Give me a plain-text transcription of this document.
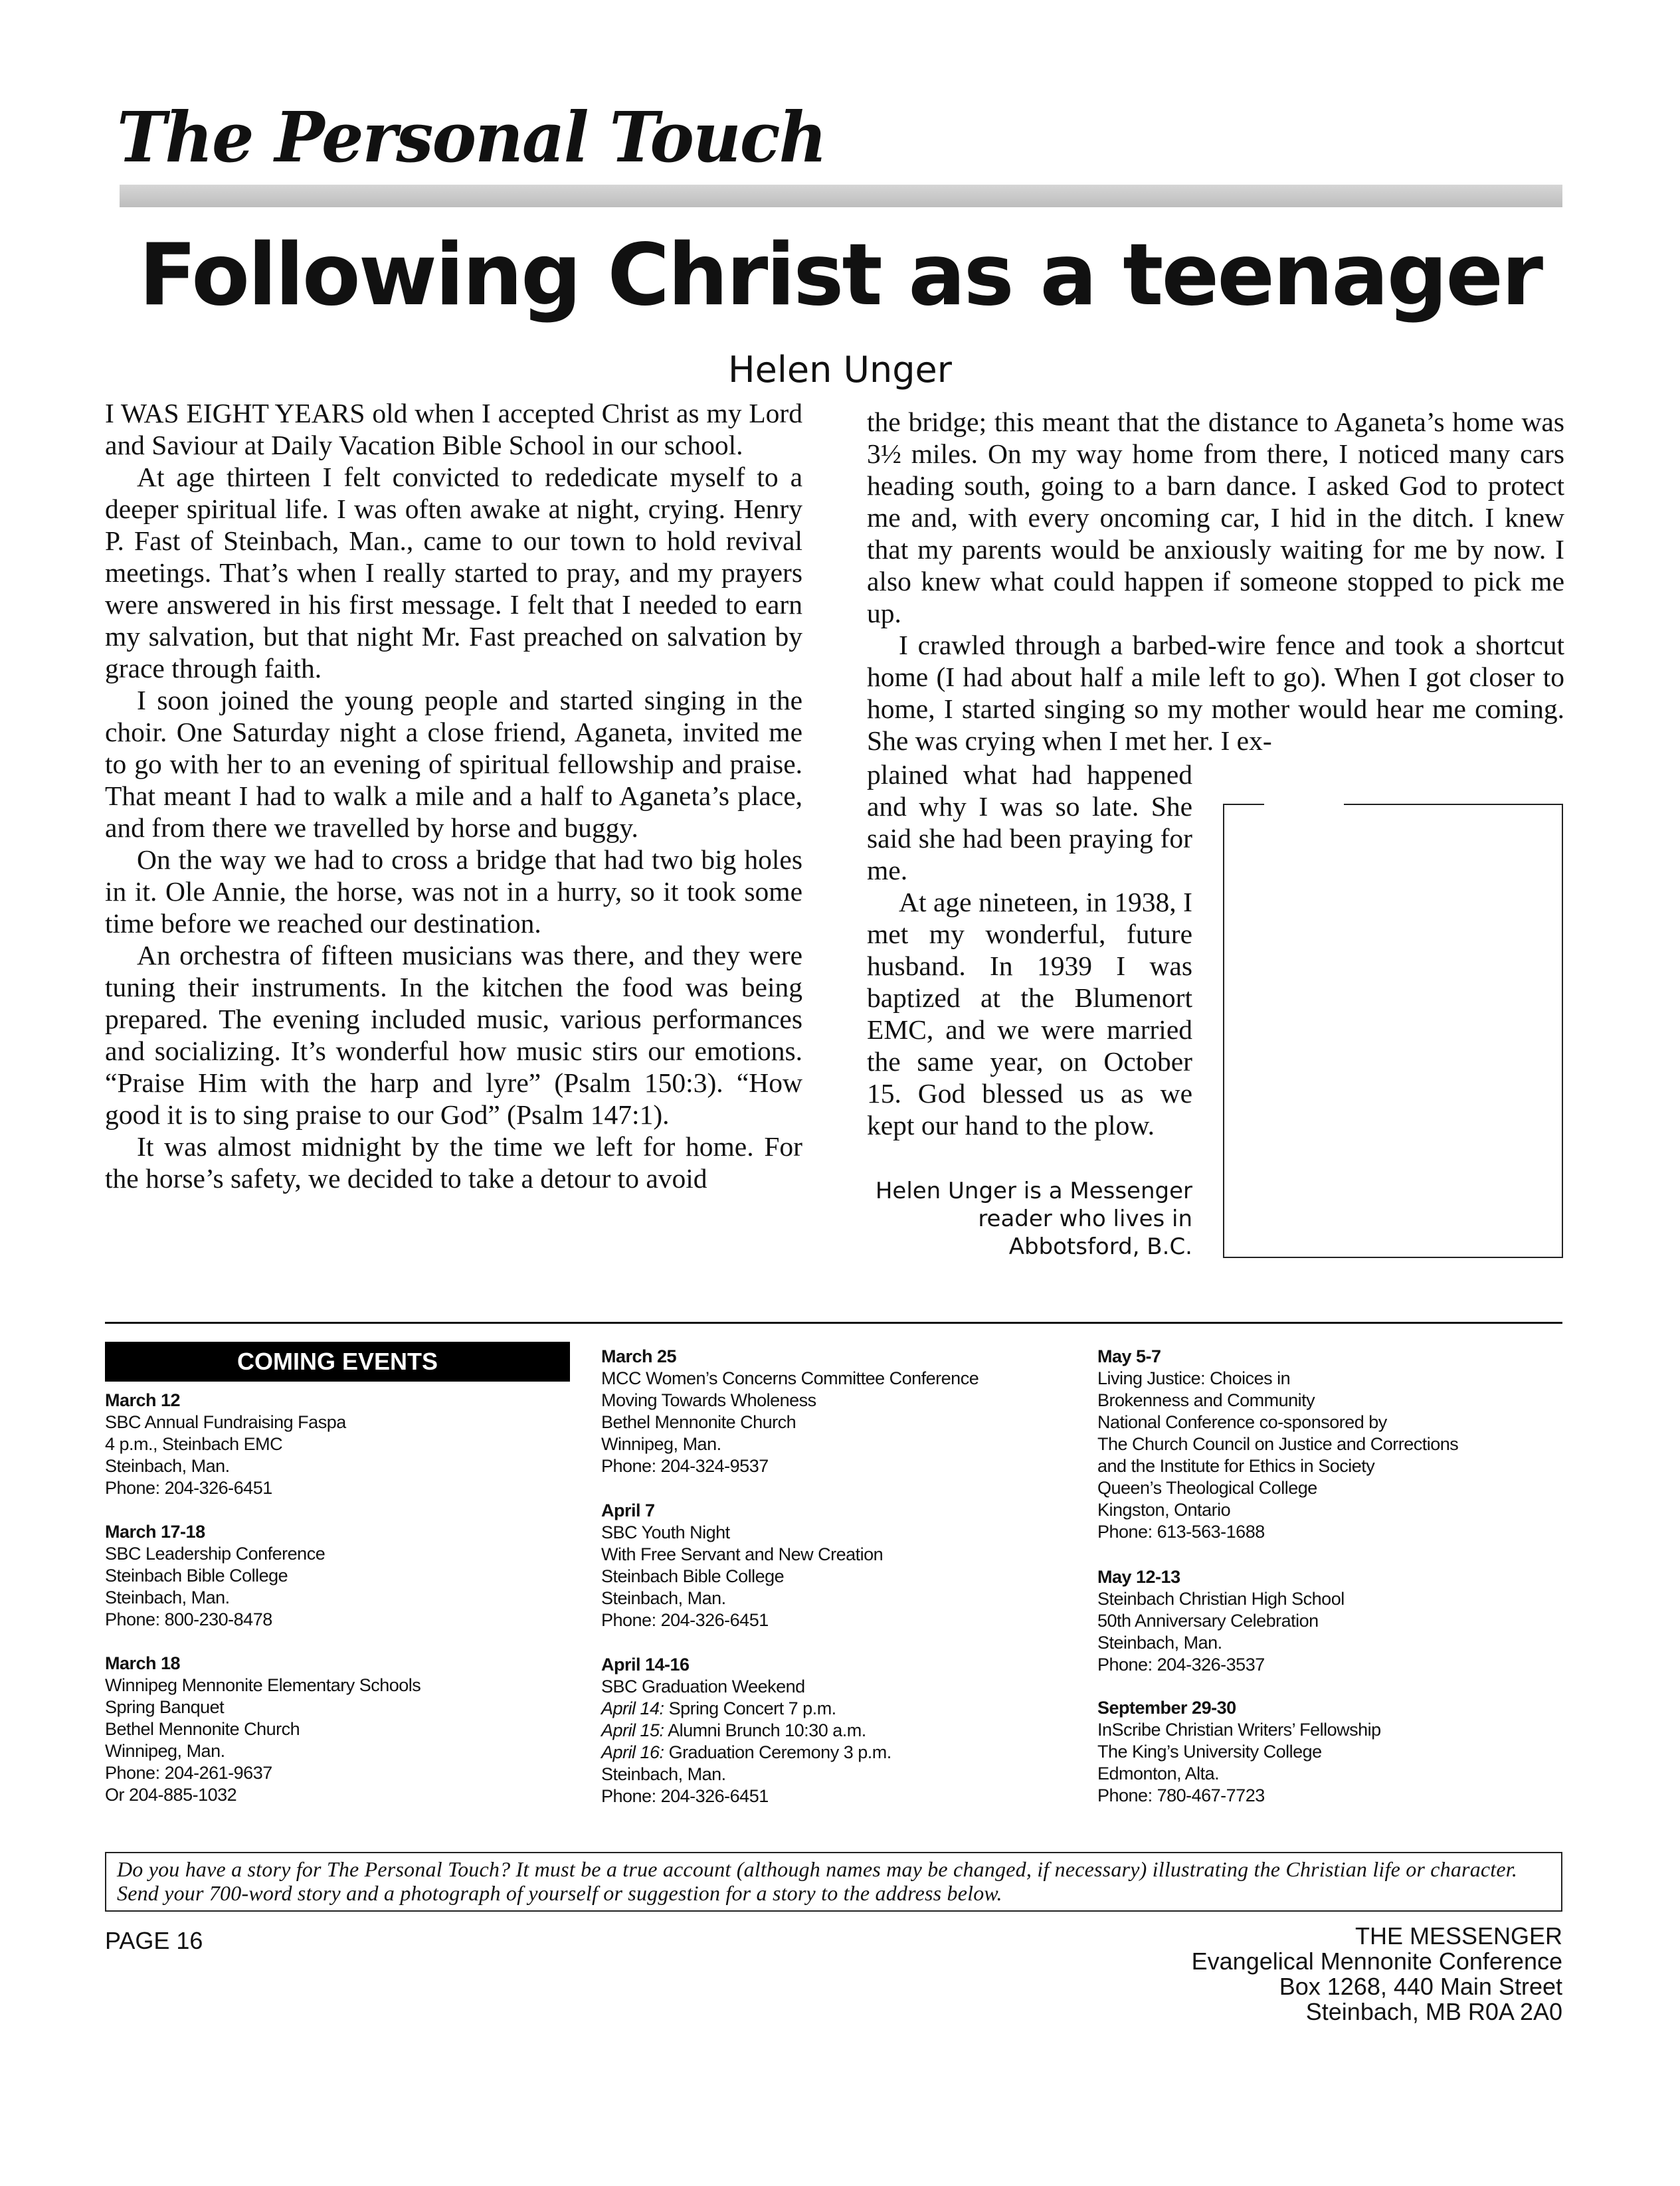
The Personal Touch
Following Christ as a teenager
Helen Unger

I WAS EIGHT YEARS old when I accepted Christ as my Lord and Saviour at Daily Vacation Bible School in our school.

At age thirteen I felt convicted to rededicate myself to a deeper spiritual life. I was often awake at night, crying. Henry P. Fast of Steinbach, Man., came to our town to hold revival meetings. That’s when I really started to pray, and my prayers were answered in his first message. I felt that I needed to earn my salvation, but that night Mr. Fast preached on salvation by grace through faith.

I soon joined the young people and started singing in the choir. One Saturday night a close friend, Aganeta, invited me to go with her to an evening of spiritual fellowship and praise. That meant I had to walk a mile and a half to Aganeta’s place, and from there we travelled by horse and buggy.

On the way we had to cross a bridge that had two big holes in it. Ole Annie, the horse, was not in a hurry, so it took some time before we reached our destination.

An orchestra of fifteen musicians was there, and they were tuning their instruments. In the kitchen the food was being prepared. The evening included music, various performances and socializing. It’s wonderful how music stirs our emotions. “Praise Him with the harp and lyre” (Psalm 150:3). “How good it is to sing praise to our God” (Psalm 147:1).

It was almost midnight by the time we left for home. For the horse’s safety, we decided to take a detour to avoid

the bridge; this meant that the distance to Aganeta’s home was 3½ miles. On my way home from there, I noticed many cars heading south, going to a barn dance. I asked God to protect me and, with every oncoming car, I hid in the ditch. I knew that my parents would be anxiously waiting for me by now. I also knew what could happen if someone stopped to pick me up.

I crawled through a barbed-wire fence and took a shortcut home (I had about half a mile left to go). When I got closer to home, I started singing so my mother would hear me coming. She was crying when I met her. I ex-

plained what had happened and why I was so late. She said she had been praying for me.

At age nineteen, in 1938, I met my wonderful, future husband. In 1939 I was baptized at the Blumenort EMC, and we were married the same year, on October 15. God blessed us as we kept our hand to the plow.

Helen Unger is a Messenger
reader who lives in
Abbotsford, B.C.
COMING EVENTS
March 12
SBC Annual Fundraising Faspa
4 p.m., Steinbach EMC
Steinbach, Man.
Phone: 204-326-6451
March 17-18
SBC Leadership Conference
Steinbach Bible College
Steinbach, Man.
Phone: 800-230-8478
March 18
Winnipeg Mennonite Elementary Schools
Spring Banquet
Bethel Mennonite Church
Winnipeg, Man.
Phone: 204-261-9637
Or 204-885-1032
March 25
MCC Women’s Concerns Committee Conference
Moving Towards Wholeness
Bethel Mennonite Church
Winnipeg, Man.
Phone: 204-324-9537
April 7
SBC Youth Night
With Free Servant and New Creation
Steinbach Bible College
Steinbach, Man.
Phone: 204-326-6451
April 14-16
SBC Graduation Weekend
April 14: Spring Concert 7 p.m.
April 15: Alumni Brunch 10:30 a.m.
April 16: Graduation Ceremony 3 p.m.
Steinbach, Man.
Phone: 204-326-6451
May 5-7
Living Justice: Choices in
Brokenness and Community
National Conference co-sponsored by
The Church Council on Justice and Corrections
and the Institute for Ethics in Society
Queen’s Theological College
Kingston, Ontario
Phone: 613-563-1688
May 12-13
Steinbach Christian High School
50th Anniversary Celebration
Steinbach, Man.
Phone: 204-326-3537
September 29-30
InScribe Christian Writers’ Fellowship
The King’s University College
Edmonton, Alta.
Phone: 780-467-7723
Do you have a story for The Personal Touch? It must be a true account (although names may be changed, if necessary) illustrating the Christian life or character. Send your 700-word story and a photograph of yourself or suggestion for a story to the address below.
PAGE 16	THE MESSENGER
Evangelical Mennonite Conference
Box 1268, 440 Main Street
Steinbach, MB R0A 2A0
